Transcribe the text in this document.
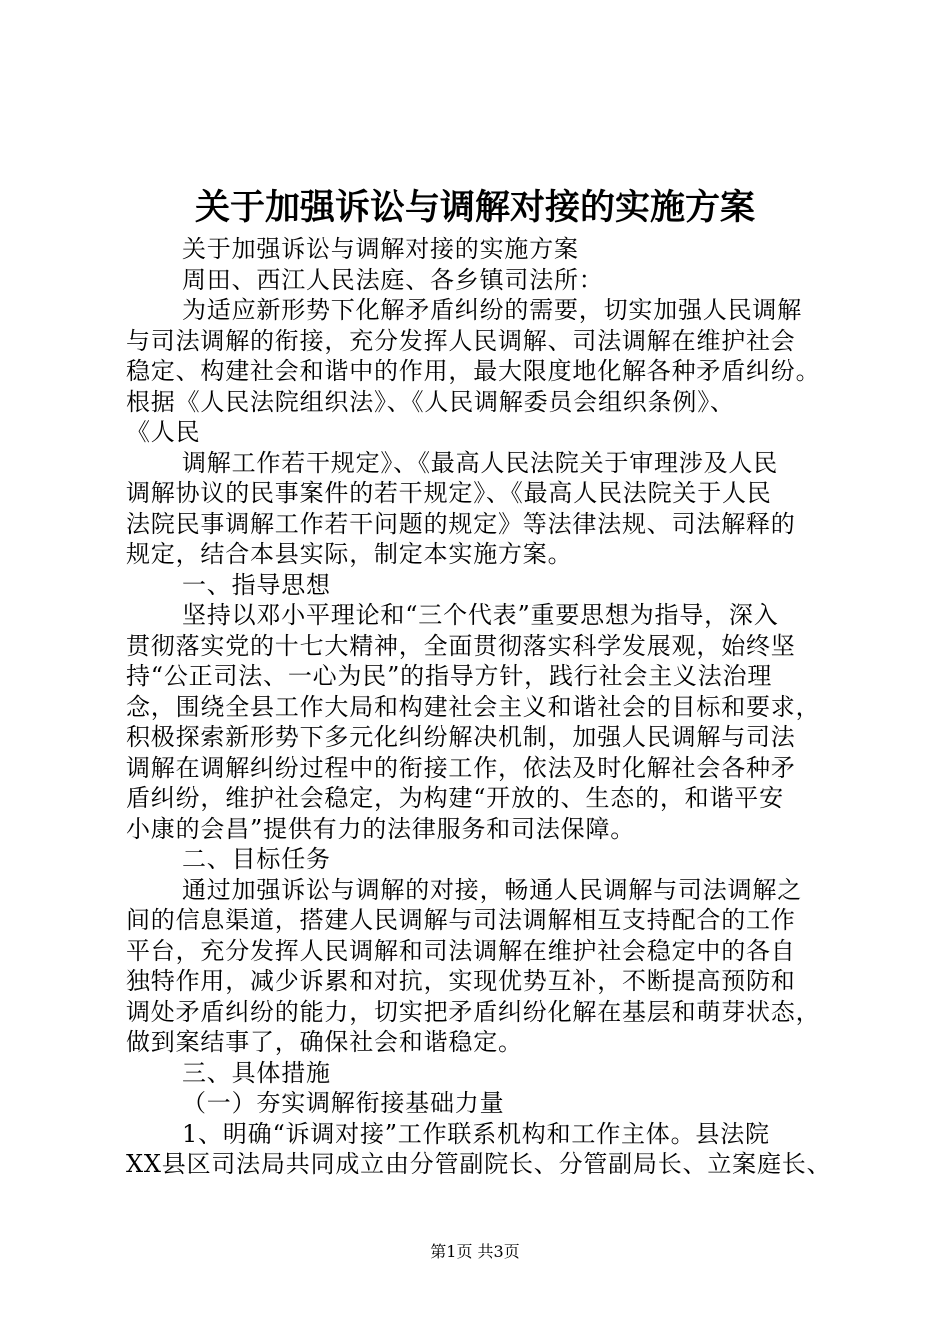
关于加强诉讼与调解对接的实施方案
关于加强诉讼与调解对接的实施方案
周田、西江人民法庭、各乡镇司法所：
为适应新形势下化解矛盾纠纷的需要，切实加强人民调解
与司法调解的衔接，充分发挥人民调解、司法调解在维护社会
稳定、构建社会和谐中的作用，最大限度地化解各种矛盾纠纷。
根据《人民法院组织法》、《人民调解委员会组织条例》、
《人民
调解工作若干规定》、《最高人民法院关于审理涉及人民
调解协议的民事案件的若干规定》、《最高人民法院关于人民
法院民事调解工作若干问题的规定》等法律法规、司法解释的
规定，结合本县实际，制定本实施方案。
一、指导思想
坚持以邓小平理论和“三个代表”重要思想为指导，深入
贯彻落实党的十七大精神，全面贯彻落实科学发展观，始终坚
持“公正司法、一心为民”的指导方针，践行社会主义法治理
念，围绕全县工作大局和构建社会主义和谐社会的目标和要求，
积极探索新形势下多元化纠纷解决机制，加强人民调解与司法
调解在调解纠纷过程中的衔接工作，依法及时化解社会各种矛
盾纠纷，维护社会稳定，为构建“开放的、生态的，和谐平安
小康的会昌”提供有力的法律服务和司法保障。
二、目标任务
通过加强诉讼与调解的对接，畅通人民调解与司法调解之
间的信息渠道，搭建人民调解与司法调解相互支持配合的工作
平台，充分发挥人民调解和司法调解在维护社会稳定中的各自
独特作用，减少诉累和对抗，实现优势互补，不断提高预防和
调处矛盾纠纷的能力，切实把矛盾纠纷化解在基层和萌芽状态，
做到案结事了，确保社会和谐稳定。
三、具体措施
（一）夯实调解衔接基础力量
1、明确“诉调对接”工作联系机构和工作主体。县法院
XX县区司法局共同成立由分管副院长、分管副局长、立案庭长、
第1页 共3页
